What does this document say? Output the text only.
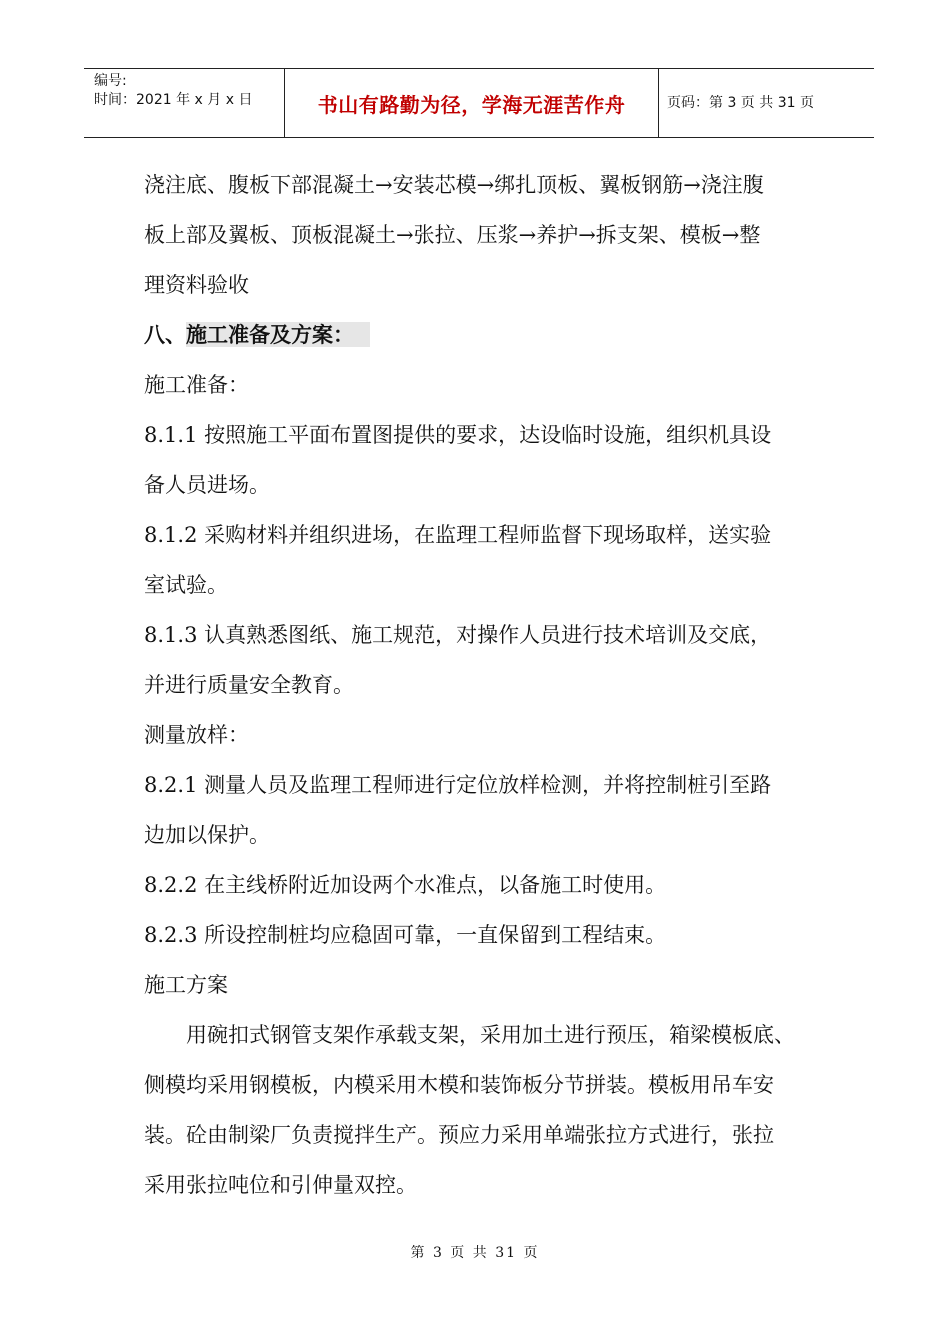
编号:
时间：2021 年 x 月 x 日	书山有路勤为径，学海无涯苦作舟	页码：第 3 页 共 31 页
浇注底、腹板下部混凝土→安装芯模→绑扎顶板、翼板钢筋→浇注腹
板上部及翼板、顶板混凝土→张拉、压浆→养护→拆支架、模板→整
理资料验收
八、施工准备及方案：
施工准备：
8.1.1 按照施工平面布置图提供的要求，达设临时设施，组织机具设
备人员进场。
8.1.2 采购材料并组织进场，在监理工程师监督下现场取样，送实验
室试验。
8.1.3 认真熟悉图纸、施工规范，对操作人员进行技术培训及交底，
并进行质量安全教育。
测量放样：
8.2.1 测量人员及监理工程师进行定位放样检测，并将控制桩引至路
边加以保护。
8.2.2 在主线桥附近加设两个水准点，以备施工时使用。
8.2.3 所设控制桩均应稳固可靠，一直保留到工程结束。
施工方案
用碗扣式钢管支架作承载支架，采用加土进行预压，箱梁模板底、
侧模均采用钢模板，内模采用木模和装饰板分节拼装。模板用吊车安
装。砼由制梁厂负责搅拌生产。预应力采用单端张拉方式进行，张拉
采用张拉吨位和引伸量双控。
第 3 页 共 31 页
